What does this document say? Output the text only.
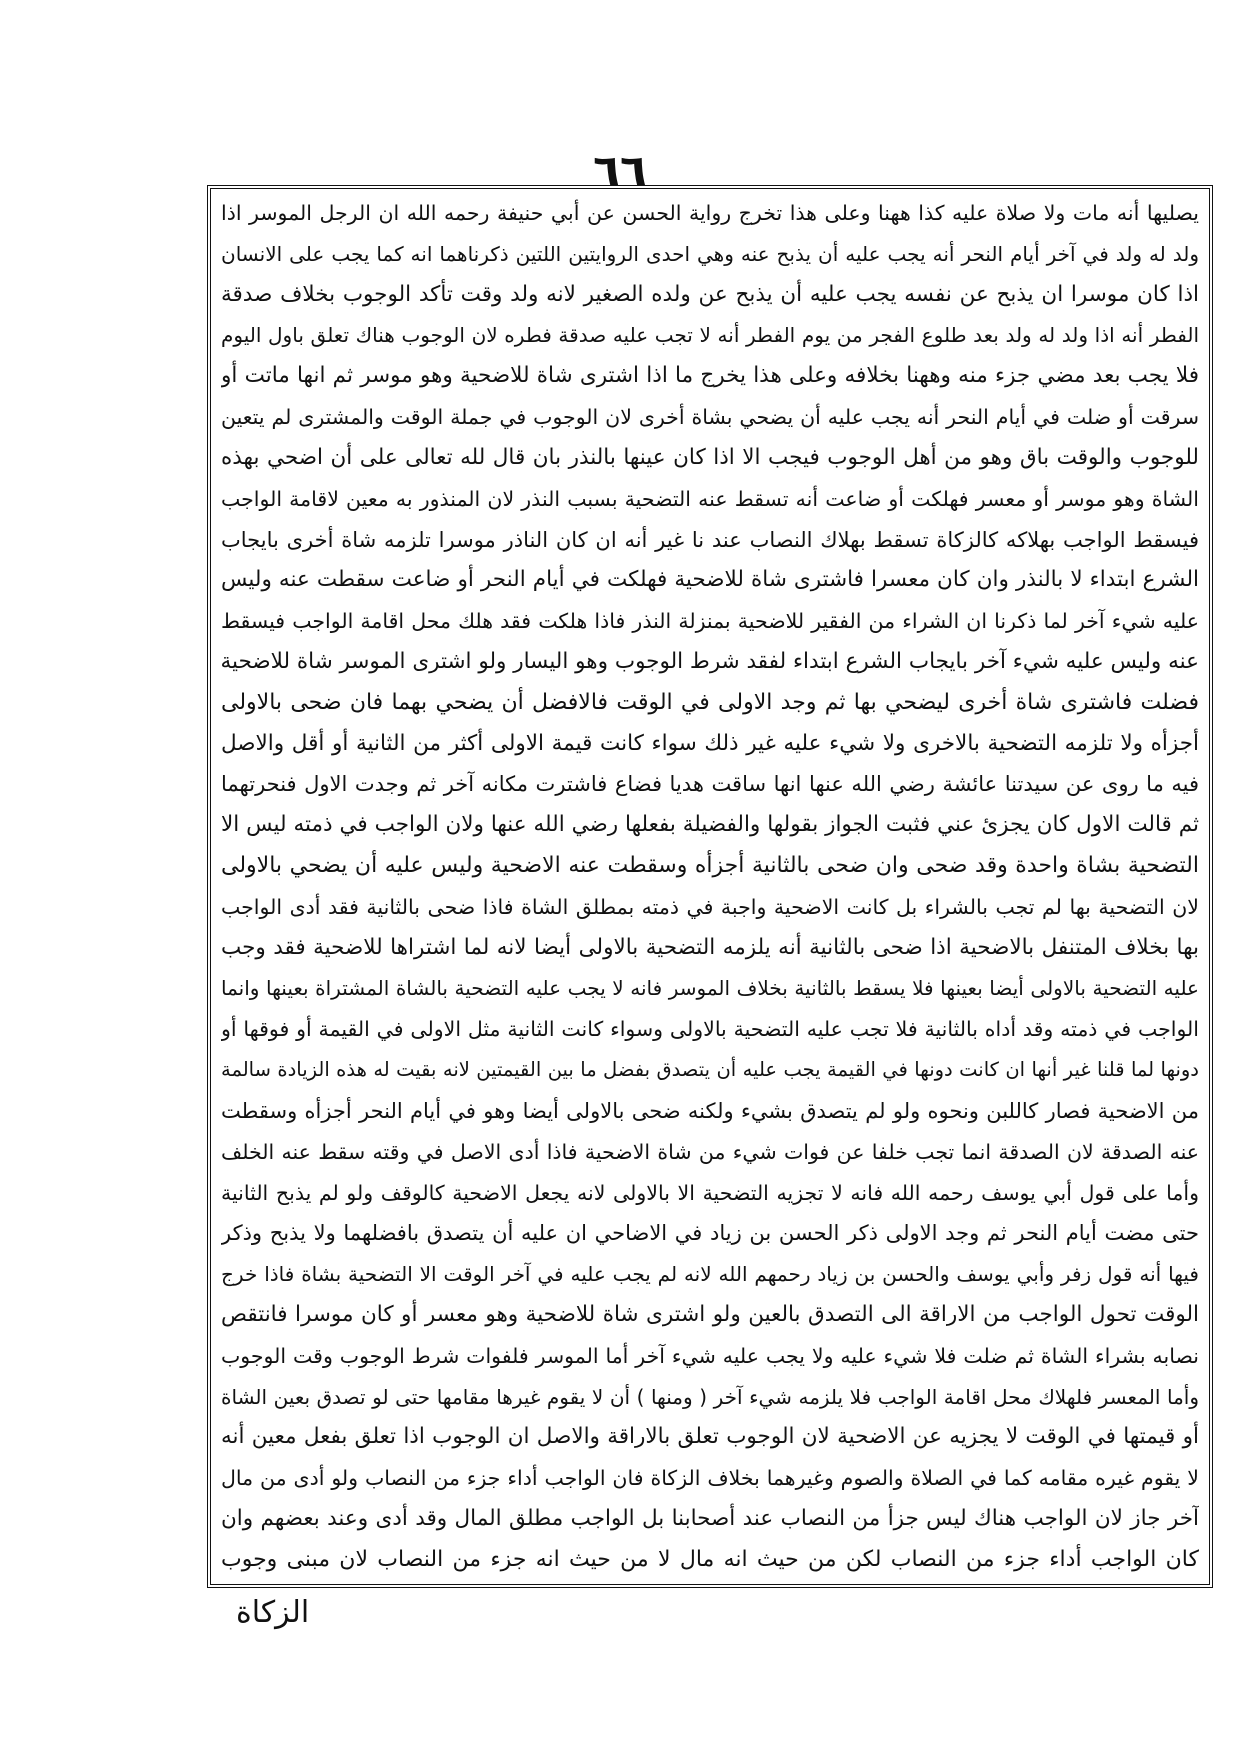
٦٦
يصليها أنه مات ولا صلاة عليه كذا ههنا وعلى هذا تخرج رواية الحسن عن أبي حنيفة رحمه الله ان الرجل الموسر اذا
ولد له ولد في آخر أيام النحر أنه يجب عليه أن يذبح عنه وهي احدى الروايتين اللتين ذكرناهما انه كما يجب على الانسان
اذا كان موسرا ان يذبح عن نفسه يجب عليه أن يذبح عن ولده الصغير لانه ولد وقت تأكد الوجوب بخلاف صدقة
الفطر أنه اذا ولد له ولد بعد طلوع الفجر من يوم الفطر أنه لا تجب عليه صدقة فطره لان الوجوب هناك تعلق باول اليوم
فلا يجب بعد مضي جزء منه وههنا بخلافه وعلى هذا يخرج ما اذا اشترى شاة للاضحية وهو موسر ثم انها ماتت أو
سرقت أو ضلت في أيام النحر أنه يجب عليه أن يضحي بشاة أخرى لان الوجوب في جملة الوقت والمشترى لم يتعين
للوجوب والوقت باق وهو من أهل الوجوب فيجب الا اذا كان عينها بالنذر بان قال لله تعالى على أن اضحي بهذه
الشاة وهو موسر أو معسر فهلكت أو ضاعت أنه تسقط عنه التضحية بسبب النذر لان المنذور به معين لاقامة الواجب
فيسقط الواجب بهلاكه كالزكاة تسقط بهلاك النصاب عند نا غير أنه ان كان الناذر موسرا تلزمه شاة أخرى بايجاب
الشرع ابتداء لا بالنذر وان كان معسرا فاشترى شاة للاضحية فهلكت في أيام النحر أو ضاعت سقطت عنه وليس
عليه شيء آخر لما ذكرنا ان الشراء من الفقير للاضحية بمنزلة النذر فاذا هلكت فقد هلك محل اقامة الواجب فيسقط
عنه وليس عليه شيء آخر بايجاب الشرع ابتداء لفقد شرط الوجوب وهو اليسار ولو اشترى الموسر شاة للاضحية
فضلت فاشترى شاة أخرى ليضحي بها ثم وجد الاولى في الوقت فالافضل أن يضحي بهما فان ضحى بالاولى
أجزأه ولا تلزمه التضحية بالاخرى ولا شيء عليه غير ذلك سواء كانت قيمة الاولى أكثر من الثانية أو أقل والاصل
فيه ما روى عن سيدتنا عائشة رضي الله عنها انها ساقت هديا فضاع فاشترت مكانه آخر ثم وجدت الاول فنحرتهما
ثم قالت الاول كان يجزئ عني فثبت الجواز بقولها والفضيلة بفعلها رضي الله عنها ولان الواجب في ذمته ليس الا
التضحية بشاة واحدة وقد ضحى وان ضحى بالثانية أجزأه وسقطت عنه الاضحية وليس عليه أن يضحي بالاولى
لان التضحية بها لم تجب بالشراء بل كانت الاضحية واجبة في ذمته بمطلق الشاة فاذا ضحى بالثانية فقد أدى الواجب
بها بخلاف المتنفل بالاضحية اذا ضحى بالثانية أنه يلزمه التضحية بالاولى أيضا لانه لما اشتراها للاضحية فقد وجب
عليه التضحية بالاولى أيضا بعينها فلا يسقط بالثانية بخلاف الموسر فانه لا يجب عليه التضحية بالشاة المشتراة بعينها وانما
الواجب في ذمته وقد أداه بالثانية فلا تجب عليه التضحية بالاولى وسواء كانت الثانية مثل الاولى في القيمة أو فوقها أو
دونها لما قلنا غير أنها ان كانت دونها في القيمة يجب عليه أن يتصدق بفضل ما بين القيمتين لانه بقيت له هذه الزيادة سالمة
من الاضحية فصار كاللبن ونحوه ولو لم يتصدق بشيء ولكنه ضحى بالاولى أيضا وهو في أيام النحر أجزأه وسقطت
عنه الصدقة لان الصدقة انما تجب خلفا عن فوات شيء من شاة الاضحية فاذا أدى الاصل في وقته سقط عنه الخلف
وأما على قول أبي يوسف رحمه الله فانه لا تجزيه التضحية الا بالاولى لانه يجعل الاضحية كالوقف ولو لم يذبح الثانية
حتى مضت أيام النحر ثم وجد الاولى ذكر الحسن بن زياد في الاضاحي ان عليه أن يتصدق بافضلهما ولا يذبح وذكر
فيها أنه قول زفر وأبي يوسف والحسن بن زياد رحمهم الله لانه لم يجب عليه في آخر الوقت الا التضحية بشاة فاذا خرج
الوقت تحول الواجب من الاراقة الى التصدق بالعين ولو اشترى شاة للاضحية وهو معسر أو كان موسرا فانتقص
نصابه بشراء الشاة ثم ضلت فلا شيء عليه ولا يجب عليه شيء آخر أما الموسر فلفوات شرط الوجوب وقت الوجوب
وأما المعسر فلهلاك محل اقامة الواجب فلا يلزمه شيء آخر ( ومنها ) أن لا يقوم غيرها مقامها حتى لو تصدق بعين الشاة
أو قيمتها في الوقت لا يجزيه عن الاضحية لان الوجوب تعلق بالاراقة والاصل ان الوجوب اذا تعلق بفعل معين أنه
لا يقوم غيره مقامه كما في الصلاة والصوم وغيرهما بخلاف الزكاة فان الواجب أداء جزء من النصاب ولو أدى من مال
آخر جاز لان الواجب هناك ليس جزأ من النصاب عند أصحابنا بل الواجب مطلق المال وقد أدى وعند بعضهم وان
كان الواجب أداء جزء من النصاب لكن من حيث انه مال لا من حيث انه جزء من النصاب لان مبنى وجوب
الزكاة
